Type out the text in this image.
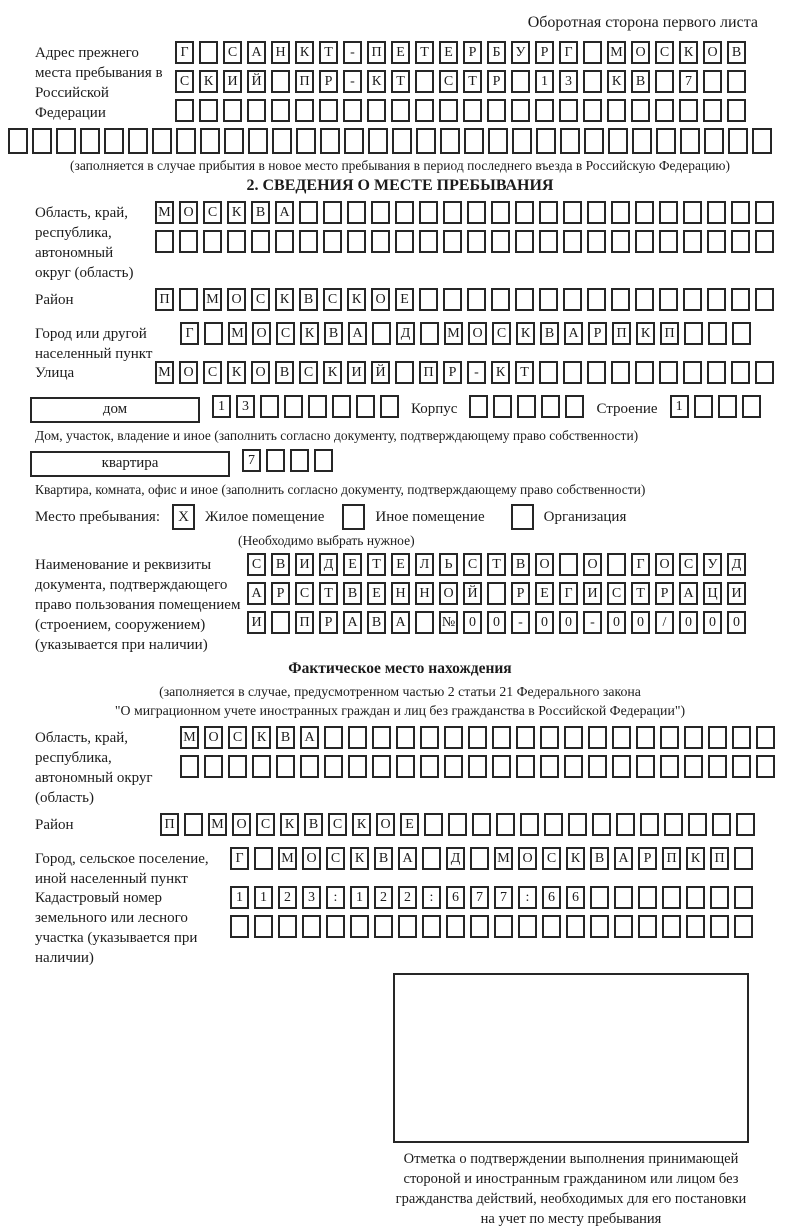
Оборотная сторона первого листа
Адрес прежнего места пребывания в Российской Федерации
Г	С	А Н	К	Т	-	П	Е	Т	Е	Р	Б	У	Р	Г	М О	С	К	О	В
С	К	И Й	П	Р	-	К	Т	С	Т	Р	1	3	К	В	7
(заполняется в случае прибытия в новое место пребывания в период последнего въезда в Российскую Федерацию)
2. СВЕДЕНИЯ О МЕСТЕ ПРЕБЫВАНИЯ
Область, край, республика, автономный округ (область)
М О	С	К	В	А
Район	П	М О	С	К	В	С	К	О	Е
Город или другой населенный пункт
Г	М О	С	К	В	А	Д	М О	С	К	В	А	Р	П	К	П
Улица	М О	С	К	О	В	С	К	И Й	П	Р	-	К	Т
дом	1	3	Корпус	Строение	1
Дом, участок, владение и иное (заполнить согласно документу, подтверждающему право собственности)
квартира	7
Квартира, комната, офис и иное (заполнить согласно документу, подтверждающему право собственности)
Место пребывания:	X	Жилое помещение	Иное помещение	Организация
(Необходимо выбрать нужное)
Наименование и реквизиты документа, подтверждающего право пользования помещением (строением, сооружением) (указывается при наличии)
С	В	И	Д	Е	Т	Е	Л	Ь	С	Т	В	О	О	Г	О	С	У	Д
А	Р	С	Т	В	Е	Н Н О Й	Р	Е	Г	И	С	Т	Р	А Ц И
И	П	Р	А	В	А	№ 0	0	-	0	0	-	0	0	/	0	0	0
Фактическое место нахождения
(заполняется в случае, предусмотренном частью 2 статьи 21 Федерального закона
"О миграционном учете иностранных граждан и лиц без гражданства в Российской Федерации")
Область, край, республика, автономный округ (область)
М О	С	К	В	А
Район	П	М О	С	К	В	С	К	О	Е
Город, сельское поселение, иной населенный пункт
Г	М О	С	К	В	А	Д	М О	С	К	В	А	Р	П	К	П
Кадастровый номер земельного или лесного участка (указывается при наличии)
1	1	2	3	:	1	2	2	:	6	7	7	:	6	6
Отметка о подтверждении выполнения принимающей
стороной и иностранным гражданином или лицом без
гражданства действий, необходимых для его постановки
на учет по месту пребывания
